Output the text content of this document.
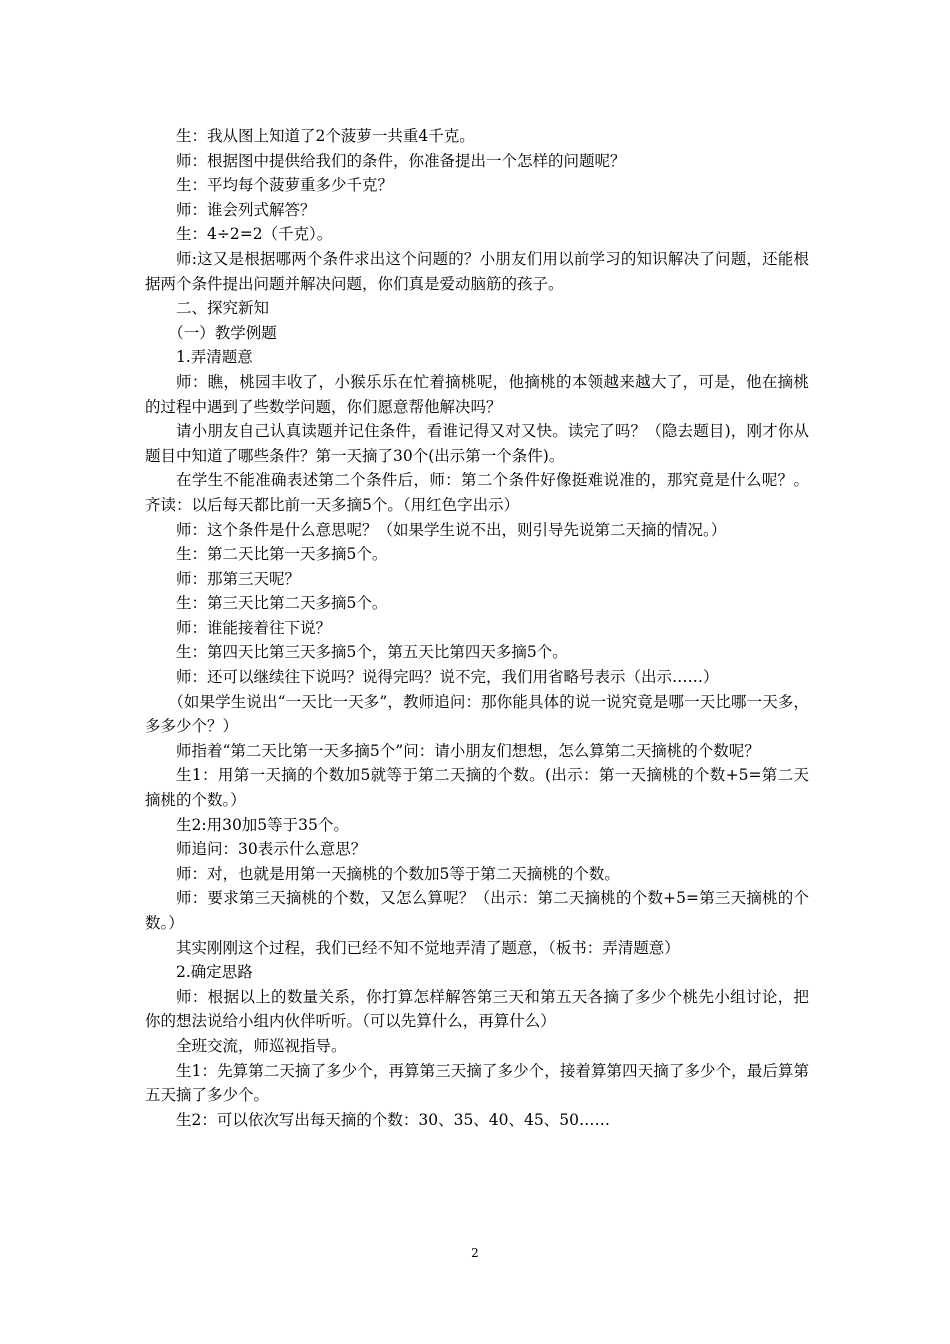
生：我从图上知道了2个菠萝一共重4千克。

师：根据图中提供给我们的条件，你准备提出一个怎样的问题呢？

生：平均每个菠萝重多少千克？

师：谁会列式解答？

生：4÷2=2（千克）。

师:这又是根据哪两个条件求出这个问题的？小朋友们用以前学习的知识解决了问题，还能根据两个条件提出问题并解决问题，你们真是爱动脑筋的孩子。

二、探究新知

（一）教学例题

1.弄清题意

师：瞧，桃园丰收了，小猴乐乐在忙着摘桃呢，他摘桃的本领越来越大了，可是，他在摘桃的过程中遇到了些数学问题，你们愿意帮他解决吗？

请小朋友自己认真读题并记住条件，看谁记得又对又快。读完了吗？（隐去题目)，刚才你从题目中知道了哪些条件？第一天摘了30个(出示第一个条件)。

在学生不能准确表述第二个条件后，师：第二个条件好像挺难说准的，那究竟是什么呢？。齐读：以后每天都比前一天多摘5个。（用红色字出示）

师：这个条件是什么意思呢？（如果学生说不出，则引导先说第二天摘的情况。）

生：第二天比第一天多摘5个。

师：那第三天呢？

生：第三天比第二天多摘5个。

师：谁能接着往下说？

生：第四天比第三天多摘5个，第五天比第四天多摘5个。

师：还可以继续往下说吗？说得完吗？说不完，我们用省略号表示（出示……）

（如果学生说出“一天比一天多”，教师追问：那你能具体的说一说究竟是哪一天比哪一天多，多多少个？）

师指着“第二天比第一天多摘5个”问：请小朋友们想想，怎么算第二天摘桃的个数呢？

生1：用第一天摘的个数加5就等于第二天摘的个数。(出示：第一天摘桃的个数+5=第二天摘桃的个数。）

生2:用30加5等于35个。

师追问：30表示什么意思？

师：对，也就是用第一天摘桃的个数加5等于第二天摘桃的个数。

师：要求第三天摘桃的个数，又怎么算呢？（出示：第二天摘桃的个数+5=第三天摘桃的个数。）

其实刚刚这个过程，我们已经不知不觉地弄清了题意，（板书：弄清题意）

2.确定思路

师：根据以上的数量关系，你打算怎样解答第三天和第五天各摘了多少个桃先小组讨论，把你的想法说给小组内伙伴听听。（可以先算什么，再算什么）

全班交流，师巡视指导。

生1：先算第二天摘了多少个，再算第三天摘了多少个，接着算第四天摘了多少个，最后算第五天摘了多少个。

生2：可以依次写出每天摘的个数：30、35、40、45、50……

2
